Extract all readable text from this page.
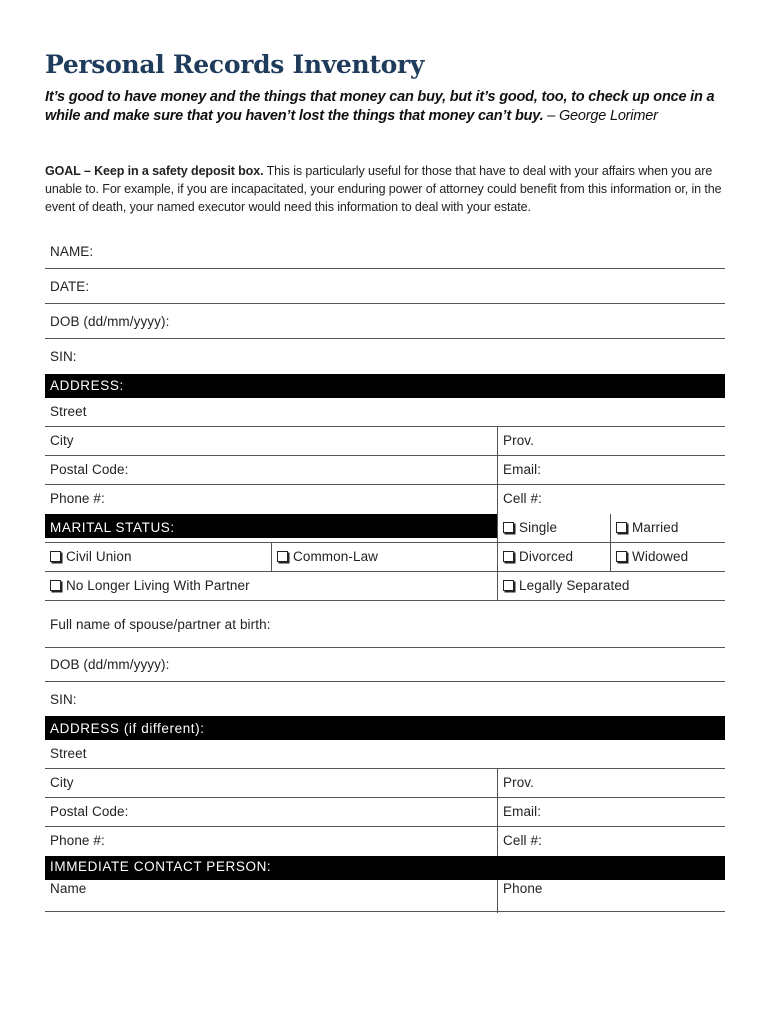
Personal Records Inventory
It’s good to have money and the things that money can buy, but it’s good, too, to check up once in a while and make sure that you haven’t lost the things that money can’t buy. – George Lorimer
GOAL – Keep in a safety deposit box. This is particularly useful for those that have to deal with your affairs when you are unable to. For example, if you are incapacitated, your enduring power of attorney could benefit from this information or, in the event of death, your named executor would need this information to deal with your estate.
NAME:
DATE:
DOB (dd/mm/yyyy):
SIN:
ADDRESS:
Street
City	Prov.
Postal Code:	Email:
Phone #:	Cell #:
MARITAL STATUS:	Single	Married
Civil Union	Common-Law	Divorced	Widowed
No Longer Living With Partner	Legally Separated
Full name of spouse/partner at birth:
DOB (dd/mm/yyyy):
SIN:
ADDRESS (if different):
Street
City	Prov.
Postal Code:	Email:
Phone #:	Cell #:
IMMEDIATE CONTACT PERSON:
Name	Phone
